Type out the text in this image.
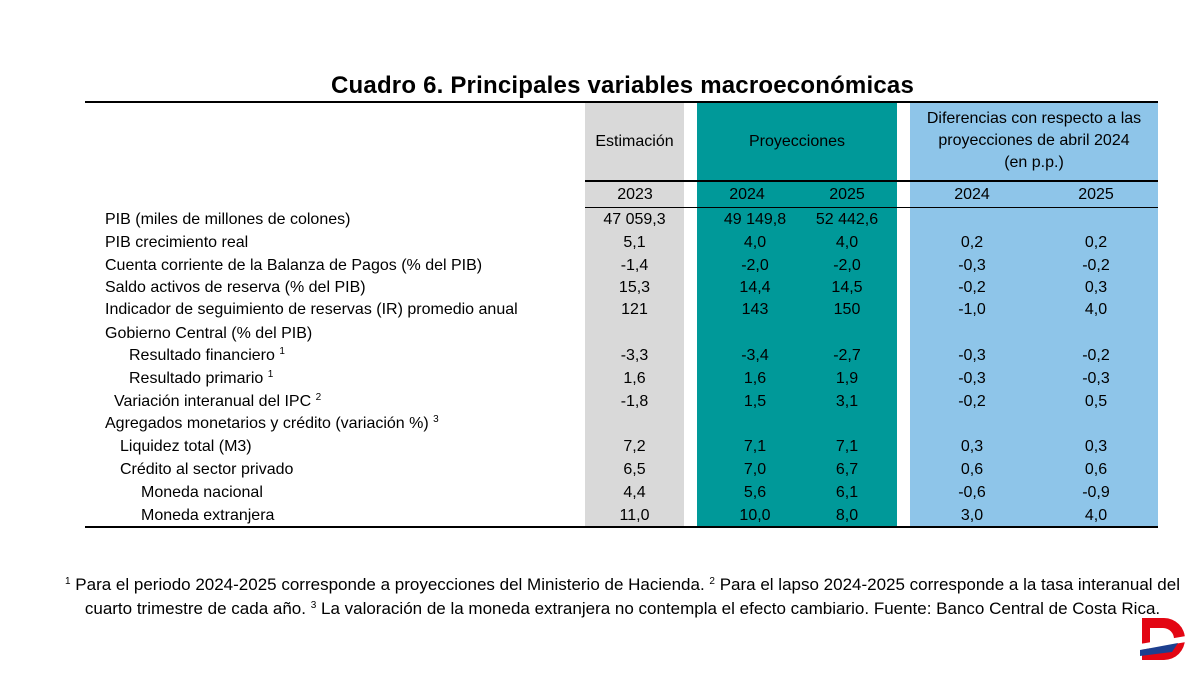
Cuadro 6. Principales variables macroeconómicas
Estimación	Proyecciones
Diferencias con respecto a las
proyecciones de abril 2024
(en p.p.)
2023	2024	2025	2024	2025
PIB (miles de millones de colones)	47 059,3	49 149,8	52 442,6
PIB crecimiento real	5,1	4,0	4,0	0,2	0,2
Cuenta corriente de la Balanza de Pagos (% del PIB)	-1,4	-2,0	-2,0	-0,3	-0,2
Saldo activos de reserva (% del PIB)	15,3	14,4	14,5	-0,2	0,3
Indicador de seguimiento de reservas (IR) promedio anual	121	143	150	-1,0	4,0
Gobierno Central (% del PIB)
Resultado financiero $^1$	-3,3	-3,4	-2,7	-0,3	-0,2
Resultado primario $^1$	1,6	1,6	1,9	-0,3	-0,3
Variación interanual del IPC $^2$	-1,8	1,5	3,1	-0,2	0,5
Agregados monetarios y crédito (variación %) $^3$
Liquidez total (M3)	7,2	7,1	7,1	0,3	0,3
Crédito al sector privado	6,5	7,0	6,7	0,6	0,6
Moneda nacional	4,4	5,6	6,1	-0,6	-0,9
Moneda extranjera	11,0	10,0	8,0	3,0	4,0
$^1$ Para el periodo 2024-2025 corresponde a proyecciones del Ministerio de Hacienda. $^2$ Para el lapso 2024-2025 corresponde a la tasa interanual del cuarto trimestre de cada año. $^3$ La valoración de la moneda extranjera no contempla el efecto cambiario. Fuente: Banco Central de Costa Rica.
